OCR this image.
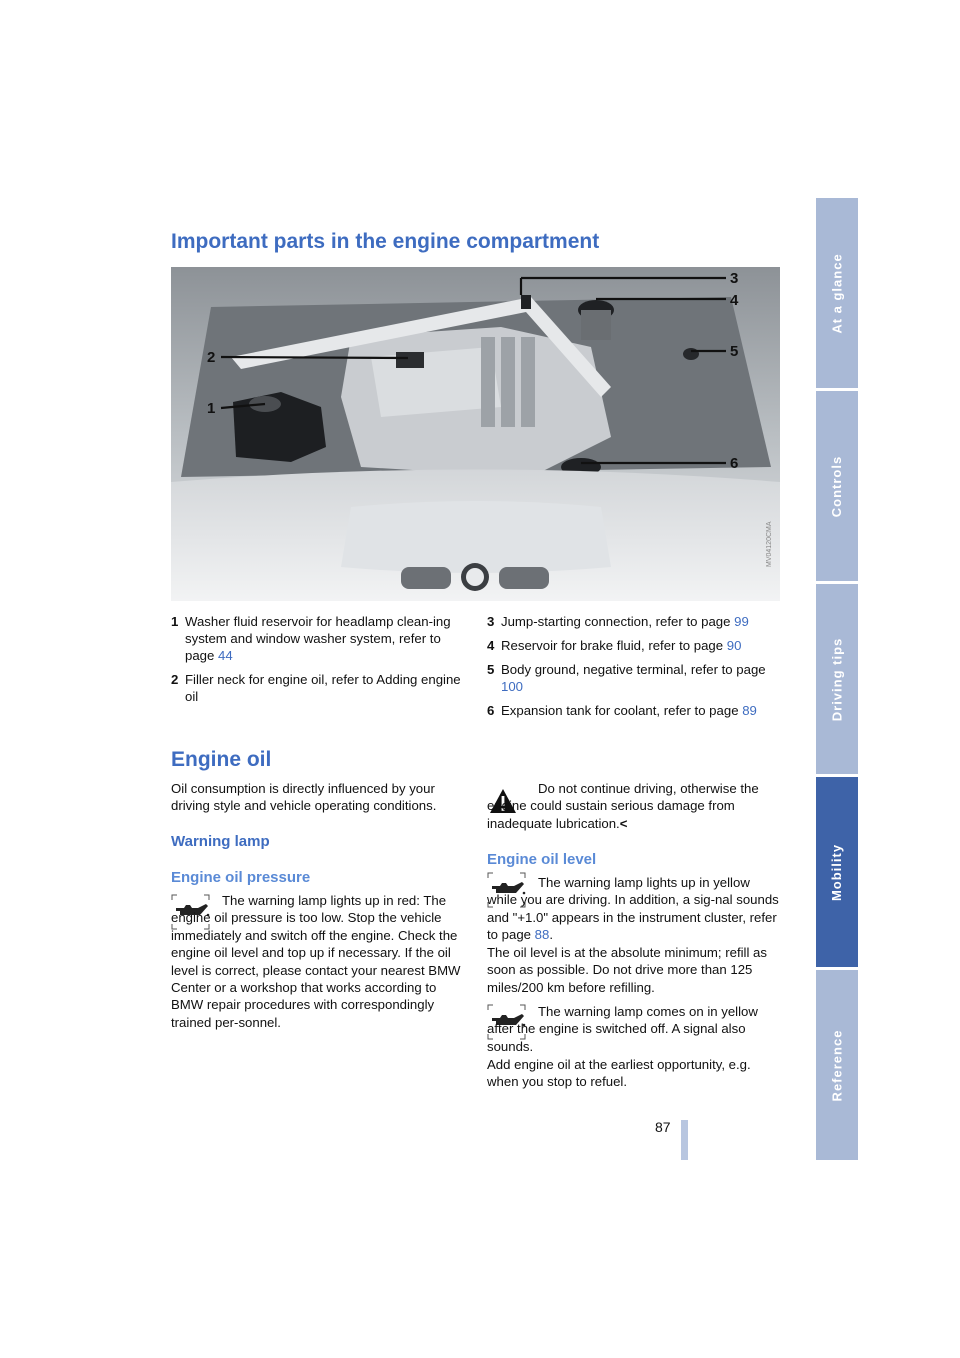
At a glance
Controls
Driving tips
Mobility
Reference
Important parts in the engine compartment
1
2
3
4
5
6
MV04120CMA
1 Washer fluid reservoir for headlamp clean-ing system and window washer system, refer to page 44
2 Filler neck for engine oil, refer to Adding engine oil
3 Jump-starting connection, refer to page 99
4 Reservoir for brake fluid, refer to page 90
5 Body ground, negative terminal, refer to page 100
6 Expansion tank for coolant, refer to page 89
Engine oil

Oil consumption is directly influenced by your driving style and vehicle operating conditions.

Warning lamp
Engine oil pressure

The warning lamp lights up in red: The engine oil pressure is too low. Stop the vehicle immediately and switch off the engine. Check the engine oil level and top up if necessary. If the oil level is correct, please contact your nearest BMW Center or a workshop that works according to BMW repair procedures with correspondingly trained per-sonnel.

Do not continue driving, otherwise the engine could sustain serious damage from inadequate lubrication.<

Engine oil level

The warning lamp lights up in yellow while you are driving. In addition, a sig-nal sounds and "+1.0" appears in the instrument cluster, refer to page 88.

The oil level is at the absolute minimum; refill as soon as possible. Do not drive more than 125 miles/200 km before refilling.

The warning lamp comes on in yellow after the engine is switched off. A signal also sounds.

Add engine oil at the earliest opportunity, e.g. when you stop to refuel.

87
